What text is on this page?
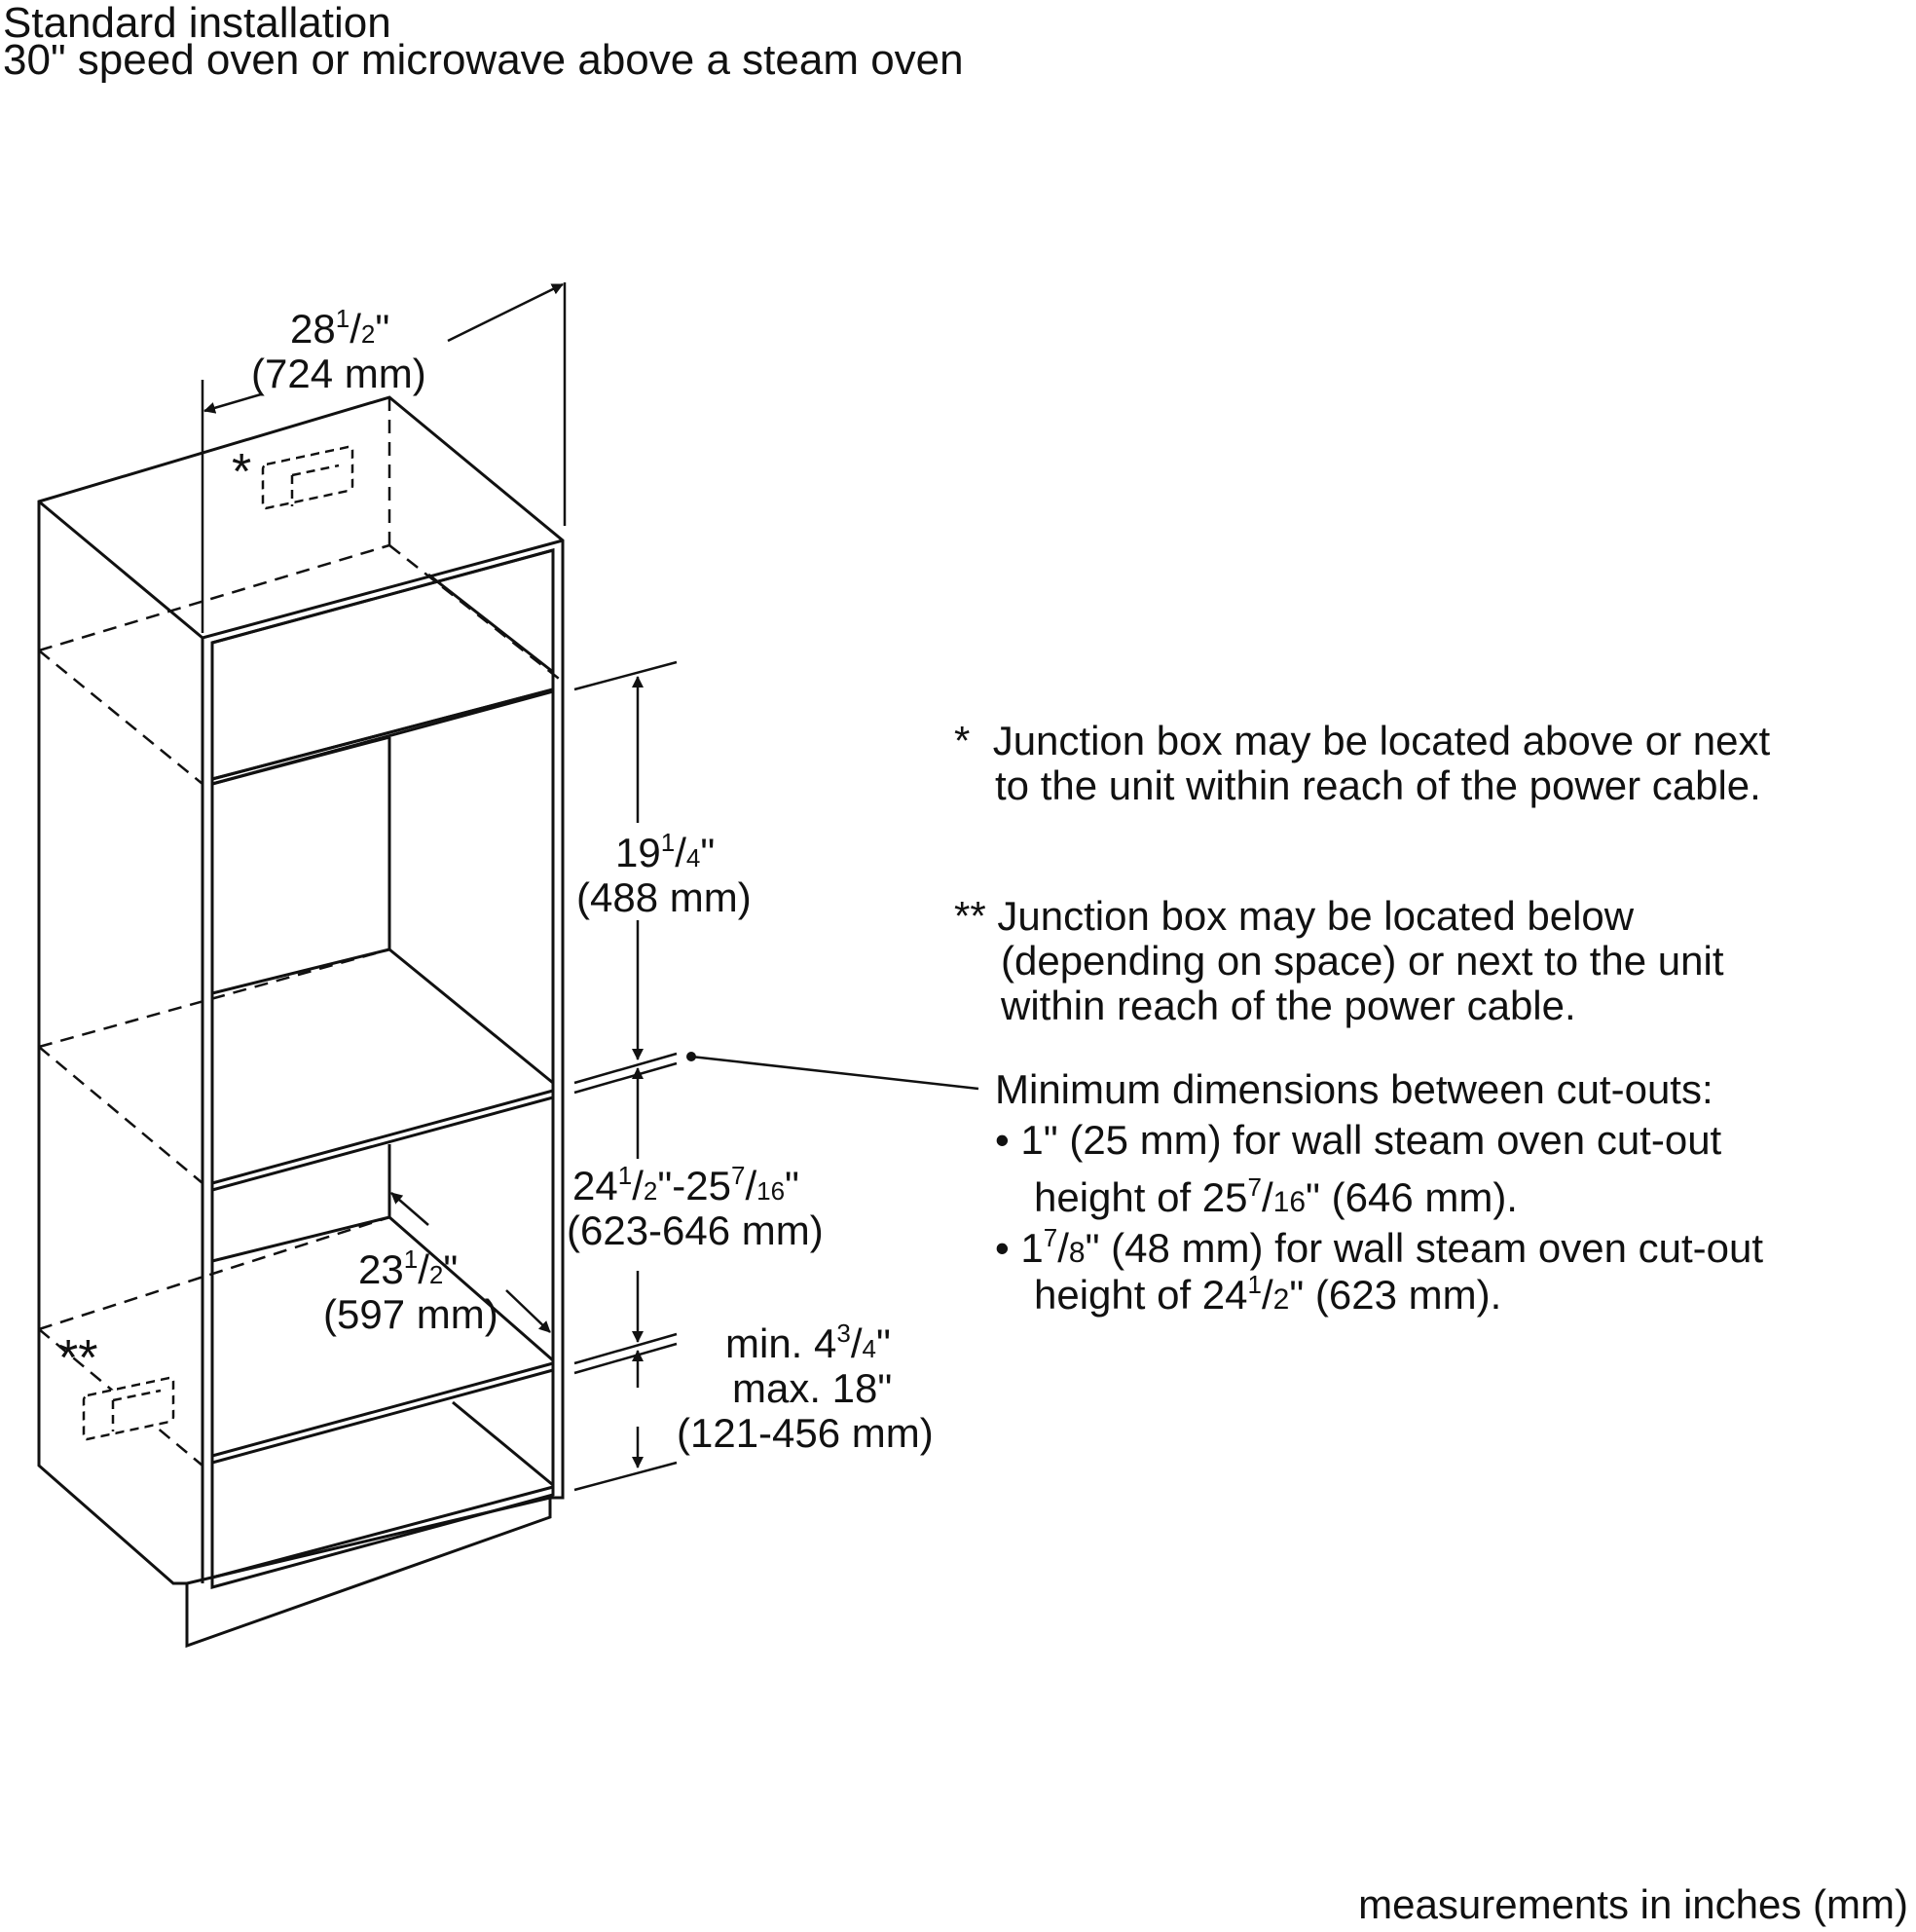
Standard installation
30" speed oven or microwave above a steam oven
*
**
$28^1/2$"
(724 mm)
$19^1/4$"
(488 mm)
$24^1/2"-25^7/16$"
(623-646 mm)
$23^1/2$"
(597 mm)
min. $4^3/4$"
max. 18"
(121-456 mm)
* Junction box may be located above or next
to the unit within reach of the power cable.
** Junction box may be located below
(depending on space) or next to the unit
within reach of the power cable.
Minimum dimensions between cut-outs:
• 1" (25 mm) for wall steam oven cut-out
height of $25^7/16$" (646 mm).
• $1^7/8$" (48 mm) for wall steam oven cut-out
height of $24^1/2$" (623 mm).
measurements in inches (mm)
